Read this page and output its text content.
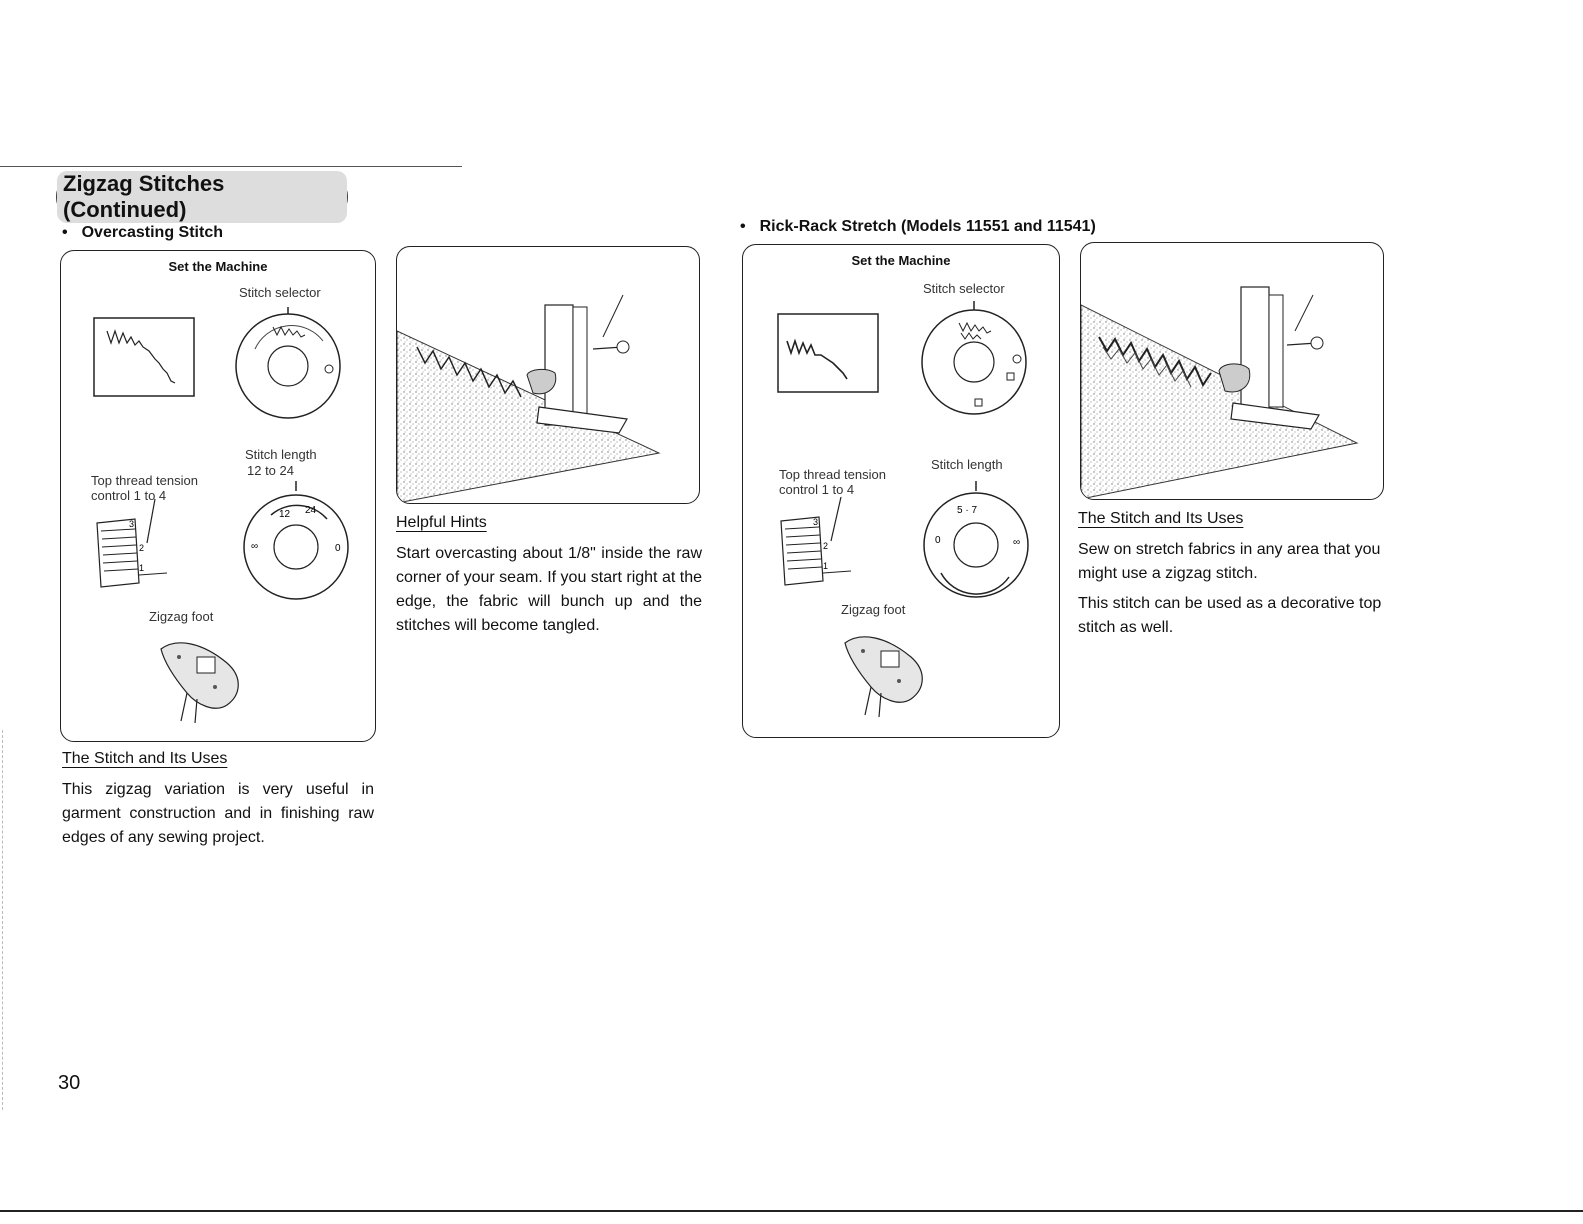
Zigzag Stitches (Continued)
• Overcasting Stitch
Set the Machine
Stitch selector
Stitch length
12 to 24
Top thread tension
control 1 to 4
Zigzag foot
3
2
1
12 24
0
∞
The Stitch and Its Uses
This zigzag variation is very useful in garment construction and in finishing raw edges of any sewing project.
Helpful Hints
Start overcasting about 1/8" inside the raw corner of your seam. If you start right at the edge, the fabric will bunch up and the stitches will become tangled.
• Rick-Rack Stretch (Models 11551 and 11541)
Set the Machine
Stitch selector
Stitch length
Top thread tension
control 1 to 4
Zigzag foot
3
2
1
0	∞
5 · 7	The Stitch and Its Uses
Sew on stretch fabrics in any area that you might use a zigzag stitch.
This stitch can be used as a decorative top stitch as well.
30
